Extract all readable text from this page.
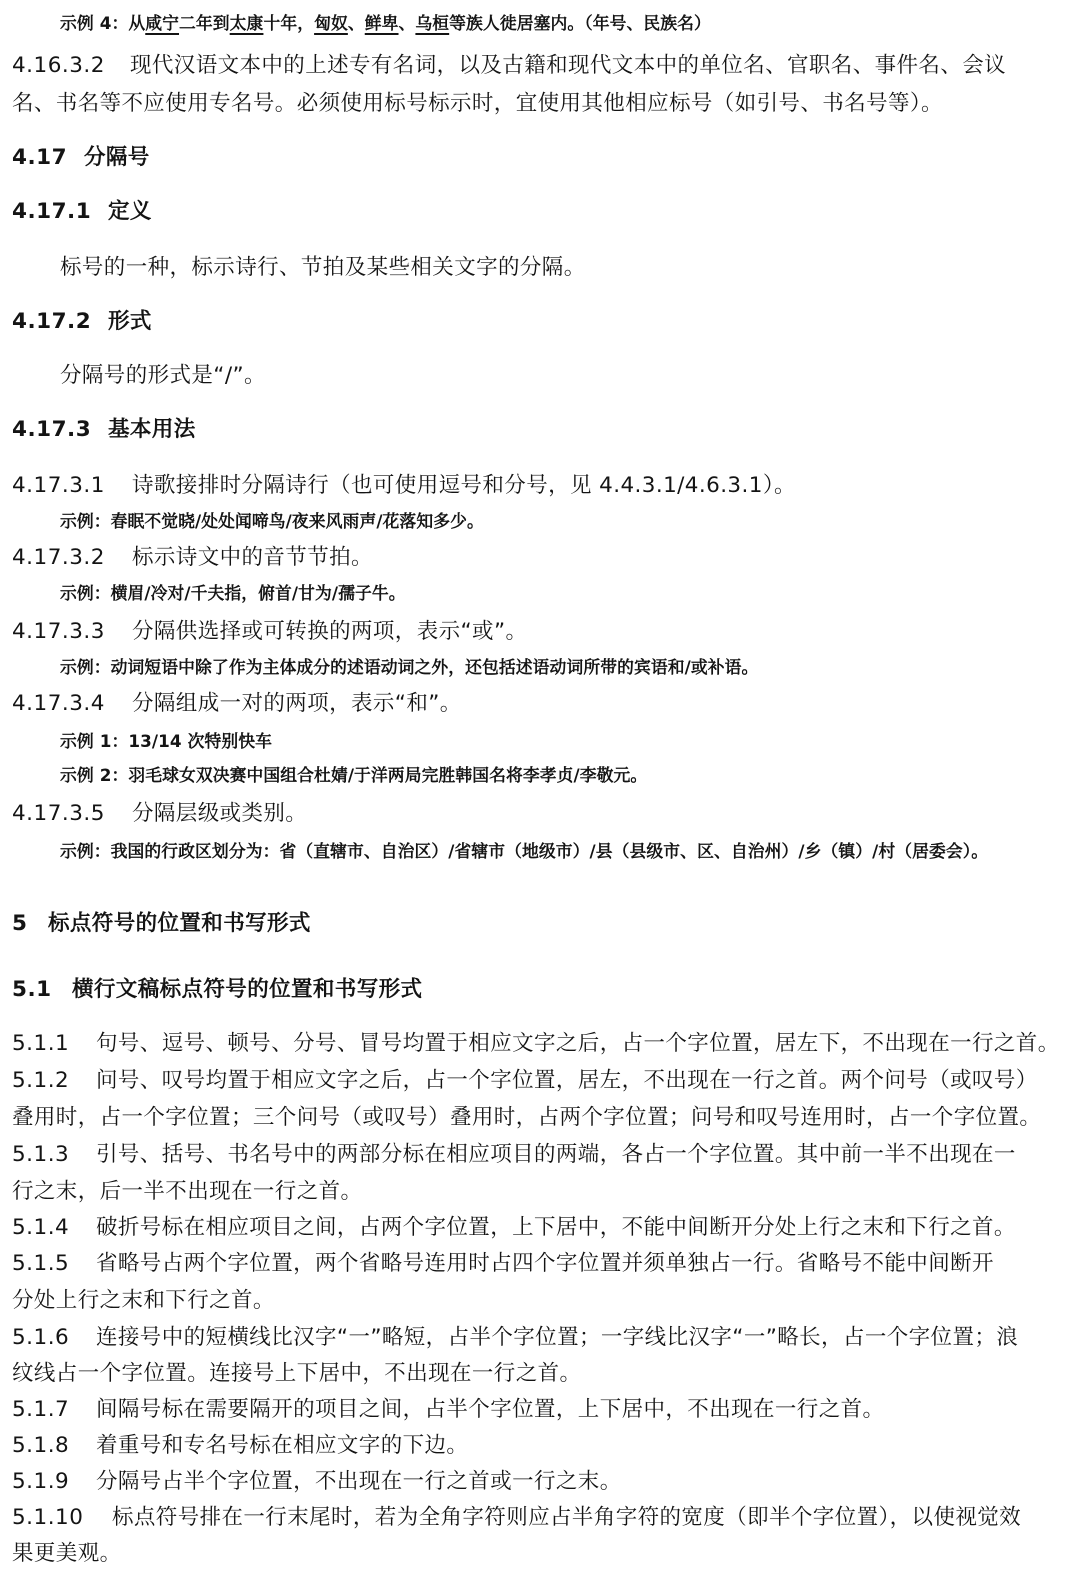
示例 4：从咸宁二年到太康十年，匈奴、鲜卑、乌桓等族人徙居塞内。（年号、民族名）
4.16.3.2 现代汉语文本中的上述专有名词，以及古籍和现代文本中的单位名、官职名、事件名、会议
名、书名等不应使用专名号。必须使用标号标示时，宜使用其他相应标号（如引号、书名号等）。
4.17 分隔号
4.17.1 定义
标号的一种，标示诗行、节拍及某些相关文字的分隔。
4.17.2 形式
分隔号的形式是“/”。
4.17.3 基本用法
4.17.3.1 诗歌接排时分隔诗行（也可使用逗号和分号，见 4.4.3.1/4.6.3.1）。
示例：春眠不觉晓/处处闻啼鸟/夜来风雨声/花落知多少。
4.17.3.2 标示诗文中的音节节拍。
示例：横眉/冷对/千夫指，俯首/甘为/孺子牛。
4.17.3.3 分隔供选择或可转换的两项，表示“或”。
示例：动词短语中除了作为主体成分的述语动词之外，还包括述语动词所带的宾语和/或补语。
4.17.3.4 分隔组成一对的两项，表示“和”。
示例 1：13/14 次特别快车
示例 2：羽毛球女双决赛中国组合杜婧/于洋两局完胜韩国名将李孝贞/李敬元。
4.17.3.5 分隔层级或类别。
示例：我国的行政区划分为：省（直辖市、自治区）/省辖市（地级市）/县（县级市、区、自治州）/乡（镇）/村（居委会）。
5 标点符号的位置和书写形式
5.1 横行文稿标点符号的位置和书写形式
5.1.1 句号、逗号、顿号、分号、冒号均置于相应文字之后，占一个字位置，居左下，不出现在一行之首。
5.1.2 问号、叹号均置于相应文字之后，占一个字位置，居左，不出现在一行之首。两个问号（或叹号）
叠用时，占一个字位置；三个问号（或叹号）叠用时，占两个字位置；问号和叹号连用时，占一个字位置。
5.1.3 引号、括号、书名号中的两部分标在相应项目的两端，各占一个字位置。其中前一半不出现在一
行之末，后一半不出现在一行之首。
5.1.4 破折号标在相应项目之间，占两个字位置，上下居中，不能中间断开分处上行之末和下行之首。
5.1.5 省略号占两个字位置，两个省略号连用时占四个字位置并须单独占一行。省略号不能中间断开
分处上行之末和下行之首。
5.1.6 连接号中的短横线比汉字“一”略短，占半个字位置；一字线比汉字“一”略长，占一个字位置；浪
纹线占一个字位置。连接号上下居中，不出现在一行之首。
5.1.7 间隔号标在需要隔开的项目之间，占半个字位置，上下居中，不出现在一行之首。
5.1.8 着重号和专名号标在相应文字的下边。
5.1.9 分隔号占半个字位置，不出现在一行之首或一行之末。
5.1.10 标点符号排在一行末尾时，若为全角字符则应占半角字符的宽度（即半个字位置），以使视觉效
果更美观。
